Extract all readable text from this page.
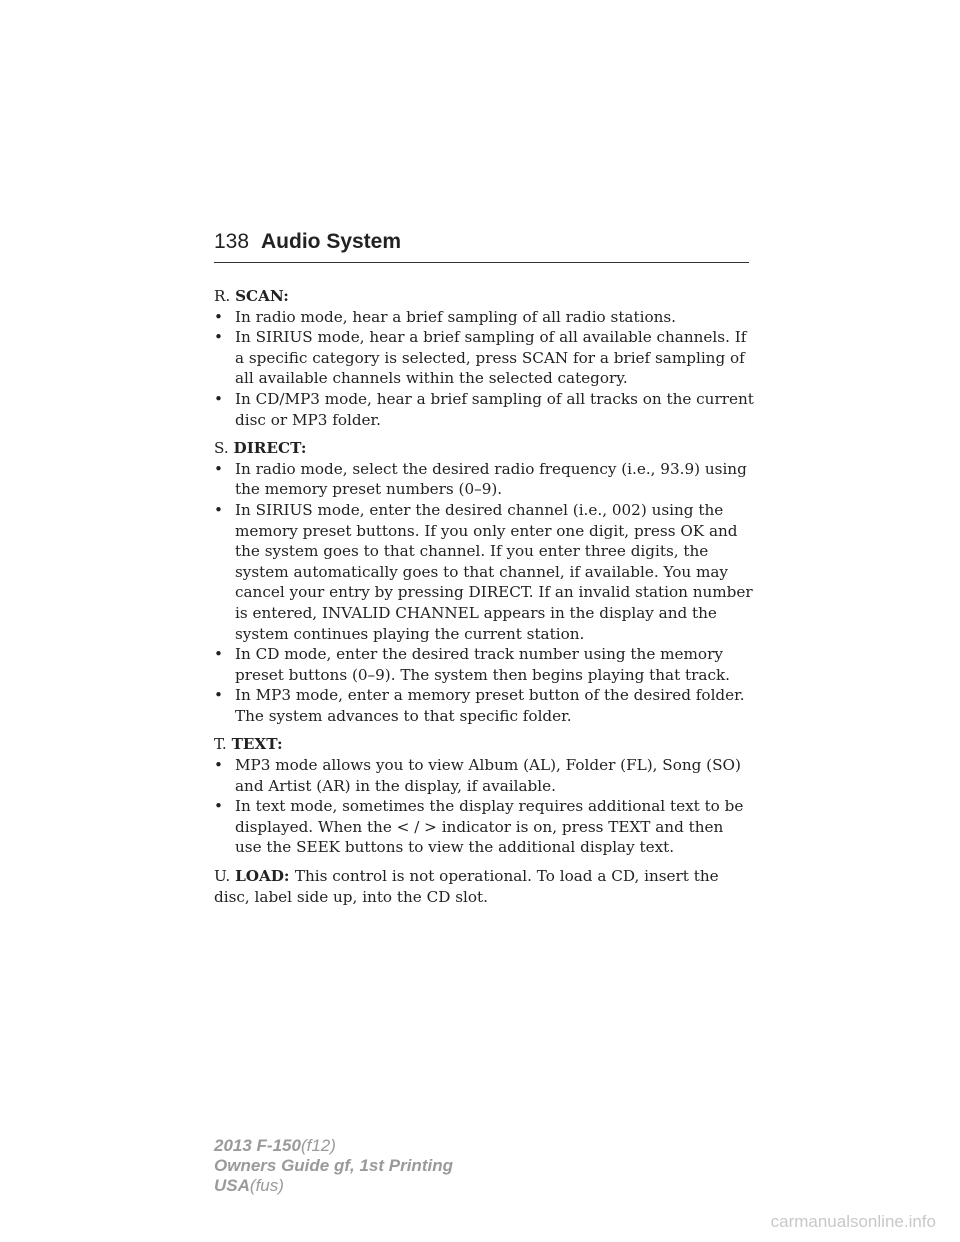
138 Audio System

R. SCAN:

• In radio mode, hear a brief sampling of all radio stations.
• In SIRIUS mode, hear a brief sampling of all available channels. If a specific category is selected, press SCAN for a brief sampling of all available channels within the selected category.
• In CD/MP3 mode, hear a brief sampling of all tracks on the current disc or MP3 folder.

S. DIRECT:

• In radio mode, select the desired radio frequency (i.e., 93.9) using the memory preset numbers (0–9).
• In SIRIUS mode, enter the desired channel (i.e., 002) using the memory preset buttons. If you only enter one digit, press OK and the system goes to that channel. If you enter three digits, the system automatically goes to that channel, if available. You may cancel your entry by pressing DIRECT. If an invalid station number is entered, INVALID CHANNEL appears in the display and the system continues playing the current station.
• In CD mode, enter the desired track number using the memory preset buttons (0–9). The system then begins playing that track.
• In MP3 mode, enter a memory preset button of the desired folder. The system advances to that specific folder.

T. TEXT:

• MP3 mode allows you to view Album (AL), Folder (FL), Song (SO) and Artist (AR) in the display, if available.
• In text mode, sometimes the display requires additional text to be displayed. When the < / > indicator is on, press TEXT and then use the SEEK buttons to view the additional display text.

U. LOAD: This control is not operational. To load a CD, insert the disc, label side up, into the CD slot.

2013 F-150(f12)
Owners Guide gf, 1st Printing
USA(fus)
carmanualsonline.info
